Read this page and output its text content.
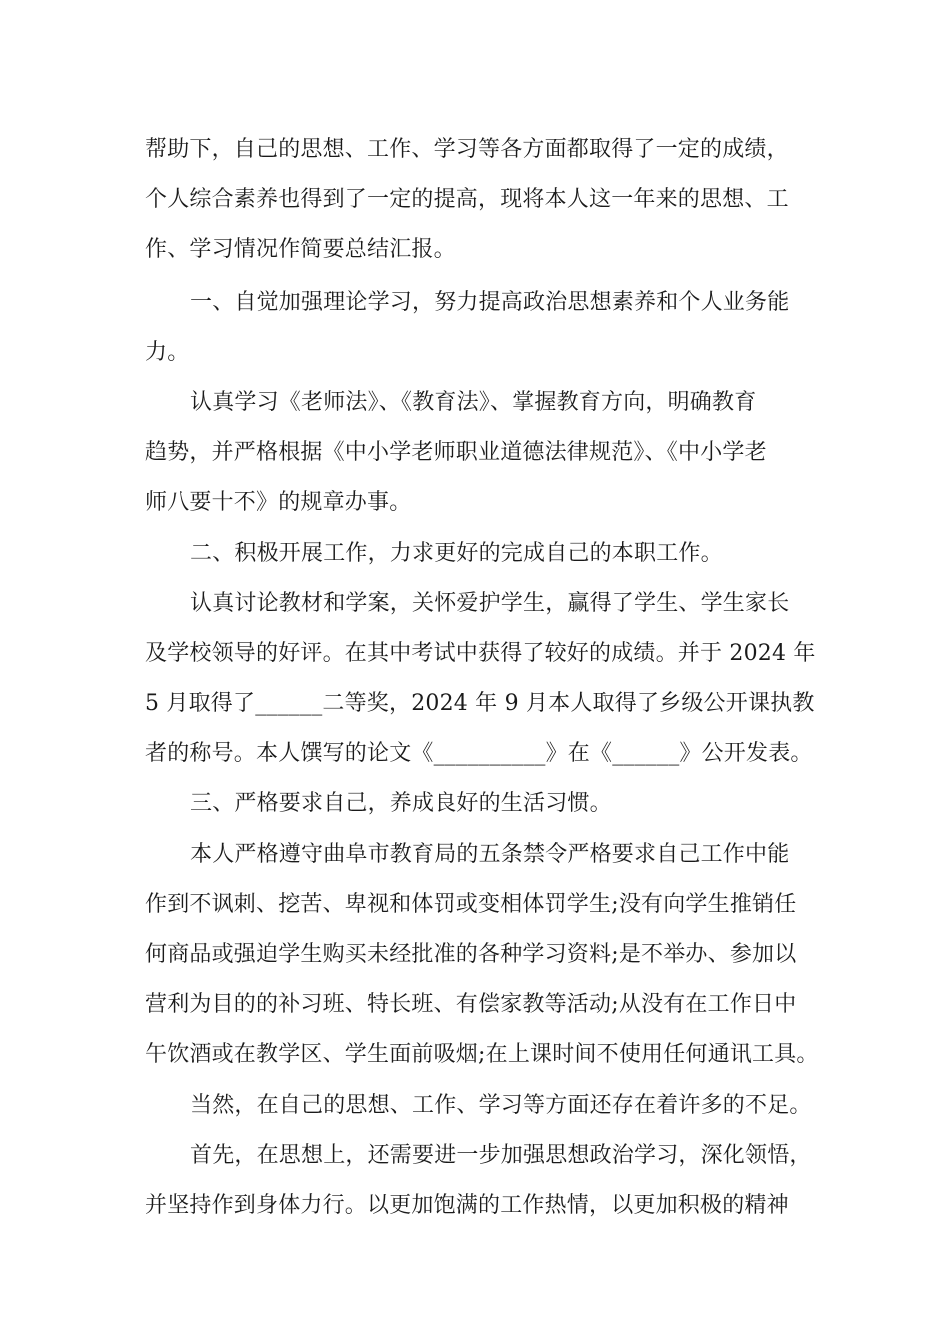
帮助下，自己的思想、工作、学习等各方面都取得了一定的成绩，
个人综合素养也得到了一定的提高，现将本人这一年来的思想、工
作、学习情况作简要总结汇报。
一、自觉加强理论学习，努力提高政治思想素养和个人业务能
力。
认真学习《老师法》、《教育法》、掌握教育方向，明确教育
趋势，并严格根据《中小学老师职业道德法律规范》、《中小学老
师八要十不》的规章办事。
二、积极开展工作，力求更好的完成自己的本职工作。
认真讨论教材和学案，关怀爱护学生，赢得了学生、学生家长
及学校领导的好评。在其中考试中获得了较好的成绩。并于 2024 年
5 月取得了______二等奖，2024 年 9 月本人取得了乡级公开课执教
者的称号。本人馔写的论文《__________》在《______》公开发表。
三、严格要求自己，养成良好的生活习惯。
本人严格遵守曲阜市教育局的五条禁令严格要求自己工作中能
作到不讽刺、挖苦、卑视和体罚或变相体罚学生;没有向学生推销任
何商品或强迫学生购买未经批准的各种学习资料;是不举办、参加以
营利为目的的补习班、特长班、有偿家教等活动;从没有在工作日中
午饮酒或在教学区、学生面前吸烟;在上课时间不使用任何通讯工具。
当然，在自己的思想、工作、学习等方面还存在着许多的不足。
首先，在思想上，还需要进一步加强思想政治学习，深化领悟，
并坚持作到身体力行。以更加饱满的工作热情，以更加积极的精神
